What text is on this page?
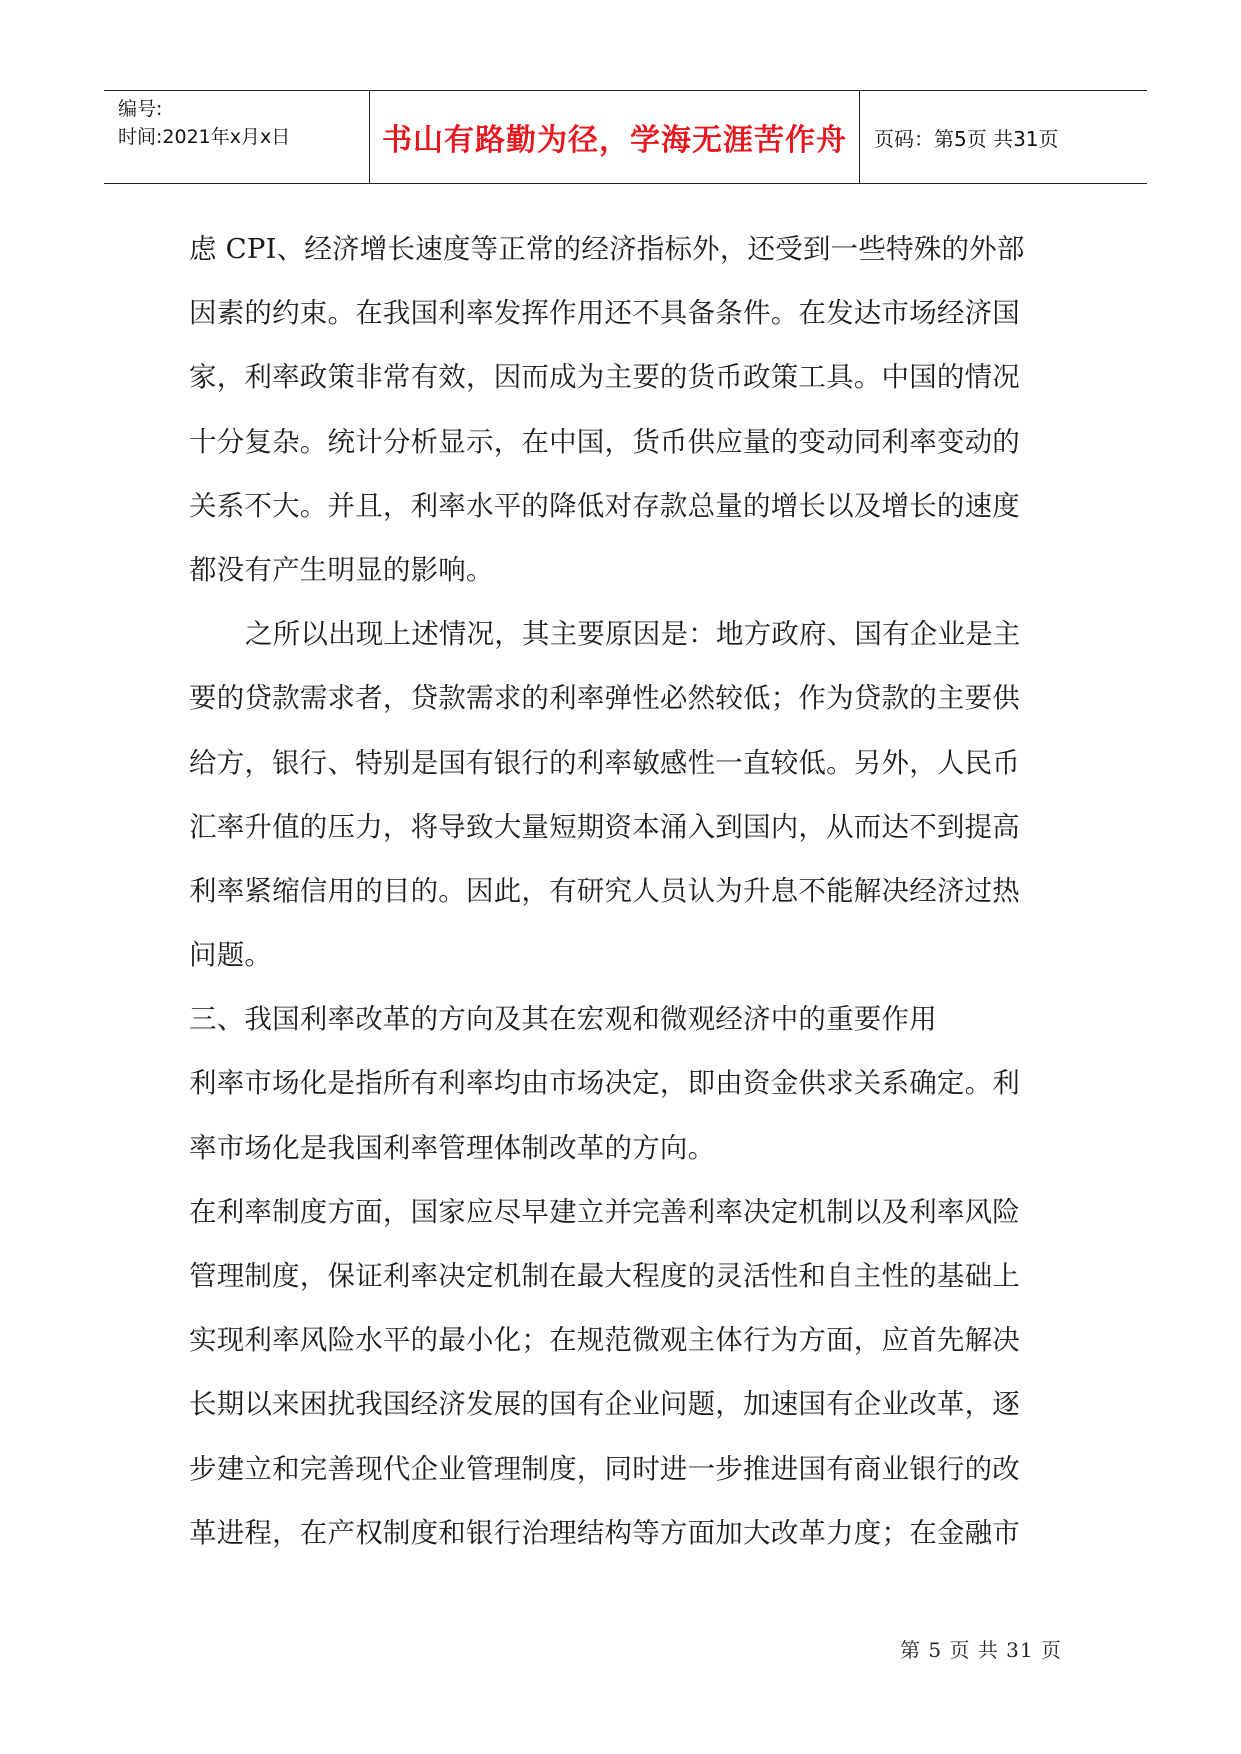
编号:
时间:2021年x月x日	书山有路勤为径，学海无涯苦作舟	页码：第5页 共31页
虑 CPI、经济增长速度等正常的经济指标外，还受到一些特殊的外部
因素的约束。在我国利率发挥作用还不具备条件。在发达市场经济国
家，利率政策非常有效，因而成为主要的货币政策工具。中国的情况
十分复杂。统计分析显示，在中国，货币供应量的变动同利率变动的
关系不大。并且，利率水平的降低对存款总量的增长以及增长的速度
都没有产生明显的影响。
之所以出现上述情况，其主要原因是：地方政府、国有企业是主
要的贷款需求者，贷款需求的利率弹性必然较低；作为贷款的主要供
给方，银行、特别是国有银行的利率敏感性一直较低。另外，人民币
汇率升值的压力，将导致大量短期资本涌入到国内，从而达不到提高
利率紧缩信用的目的。因此，有研究人员认为升息不能解决经济过热
问题。
三、我国利率改革的方向及其在宏观和微观经济中的重要作用
利率市场化是指所有利率均由市场决定，即由资金供求关系确定。利
率市场化是我国利率管理体制改革的方向。
在利率制度方面，国家应尽早建立并完善利率决定机制以及利率风险
管理制度，保证利率决定机制在最大程度的灵活性和自主性的基础上
实现利率风险水平的最小化；在规范微观主体行为方面，应首先解决
长期以来困扰我国经济发展的国有企业问题，加速国有企业改革，逐
步建立和完善现代企业管理制度，同时进一步推进国有商业银行的改
革进程，在产权制度和银行治理结构等方面加大改革力度；在金融市
第 5 页 共 31 页
